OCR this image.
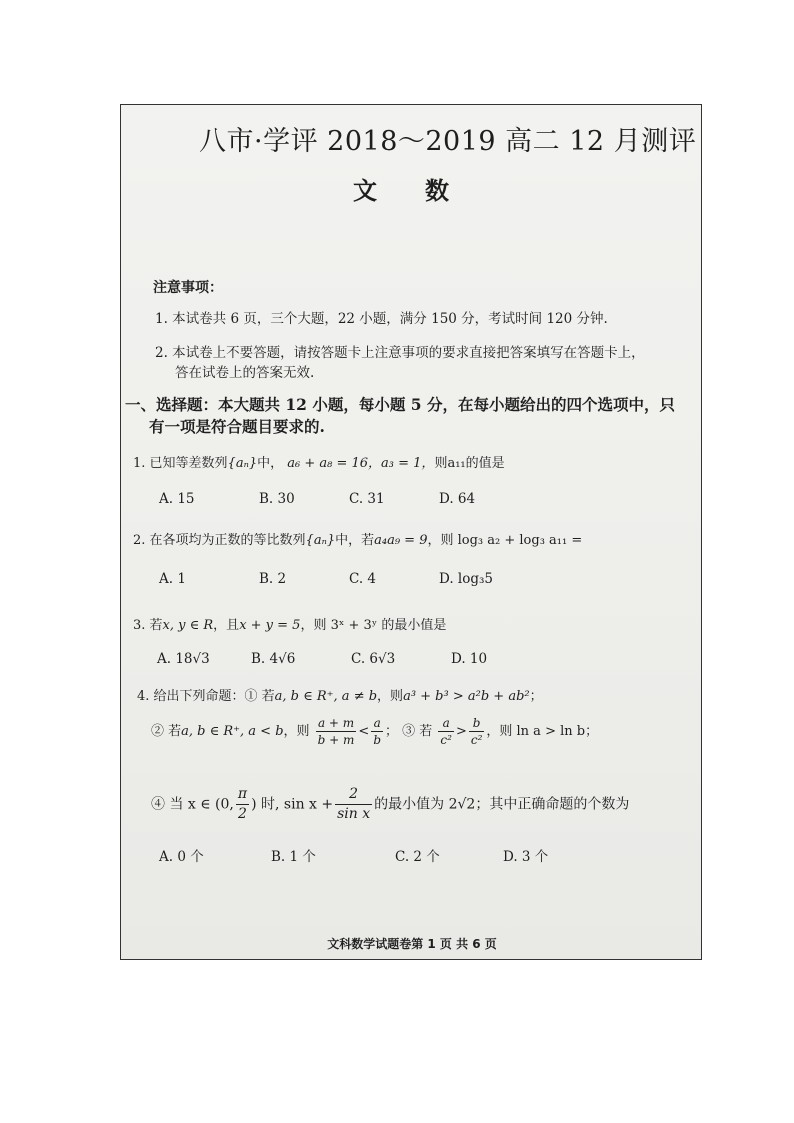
八市·学评 2018～2019 高二 12 月测评
文数
注意事项：
1. 本试卷共 6 页，三个大题，22 小题，满分 150 分，考试时间 120 分钟.
2. 本试卷上不要答题，请按答题卡上注意事项的要求直接把答案填写在答题卡上，
答在试卷上的答案无效.
一、选择题：本大题共 12 小题，每小题 5 分，在每小题给出的四个选项中，只
有一项是符合题目要求的.
1. 已知等差数列{aₙ}中， a₆ + a₈ = 16，a₃ = 1，则a₁₁的值是
A. 15	B. 30	C. 31	D. 64
2. 在各项均为正数的等比数列{aₙ}中，若a₄a₉ = 9，则 log₃ a₂ + log₃ a₁₁ =
A. 1	B. 2	C. 4	D. log₃5
3. 若x, y ∈ R，且x + y = 5，则 3ˣ + 3ʸ 的最小值是
A. 18√3	B. 4√6	C. 6√3	D. 10
4. 给出下列命题：① 若a, b ∈ R⁺, a ≠ b，则a³ + b³ > a²b + ab²；
② 若a, b ∈ R⁺, a < b，则 $\frac{a + m}{b + m} < \frac{a}{b}$ ； ③ 若 $\frac{a}{\text{c²}} > \frac{b}{\text{c²}}$ ，则 ln a > ln b；
④ 当 x ∈ (0, $\frac{\pi}{2}$ ) 时, $\sin x + \frac{2}{\text{sin x}}$ 的最小值为 2√2；其中正确命题的个数为
A. 0 个	B. 1 个	C. 2 个	D. 3 个
文科数学试题卷第 1 页 共 6 页
